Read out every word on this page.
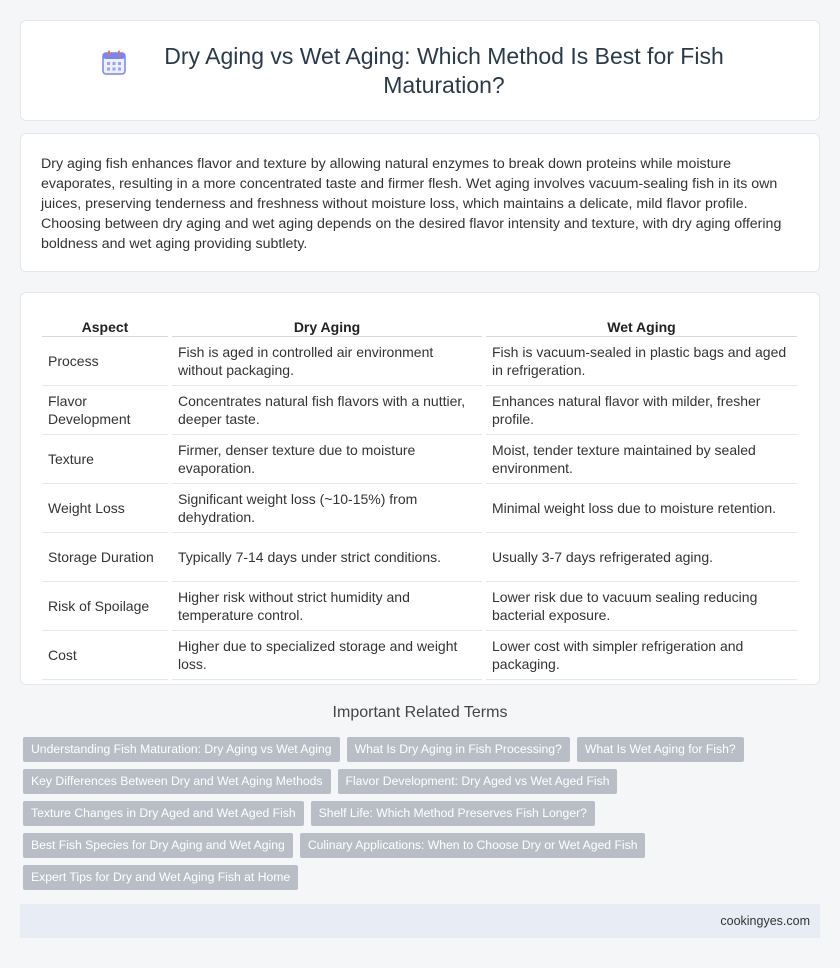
Dry Aging vs Wet Aging: Which Method Is Best for Fish Maturation?

Dry aging fish enhances flavor and texture by allowing natural enzymes to break down proteins while moisture evaporates, resulting in a more concentrated taste and firmer flesh. Wet aging involves vacuum-sealing fish in its own juices, preserving tenderness and freshness without moisture loss, which maintains a delicate, mild flavor profile. Choosing between dry aging and wet aging depends on the desired flavor intensity and texture, with dry aging offering boldness and wet aging providing subtlety.

Aspect	Dry Aging	Wet Aging
Process	Fish is aged in controlled air environment without packaging.	Fish is vacuum-sealed in plastic bags and aged in refrigeration.
Flavor Development	Concentrates natural fish flavors with a nuttier, deeper taste.	Enhances natural flavor with milder, fresher profile.
Texture	Firmer, denser texture due to moisture evaporation.	Moist, tender texture maintained by sealed environment.
Weight Loss	Significant weight loss (~10-15%) from dehydration.	Minimal weight loss due to moisture retention.
Storage Duration	Typically 7-14 days under strict conditions.	Usually 3-7 days refrigerated aging.
Risk of Spoilage	Higher risk without strict humidity and temperature control.	Lower risk due to vacuum sealing reducing bacterial exposure.
Cost	Higher due to specialized storage and weight loss.	Lower cost with simpler refrigeration and packaging.
Important Related Terms
Understanding Fish Maturation: Dry Aging vs Wet Aging	What Is Dry Aging in Fish Processing?	What Is Wet Aging for Fish?
Key Differences Between Dry and Wet Aging Methods	Flavor Development: Dry Aged vs Wet Aged Fish
Texture Changes in Dry Aged and Wet Aged Fish	Shelf Life: Which Method Preserves Fish Longer?
Best Fish Species for Dry Aging and Wet Aging	Culinary Applications: When to Choose Dry or Wet Aged Fish
Expert Tips for Dry and Wet Aging Fish at Home
cookingyes.com
